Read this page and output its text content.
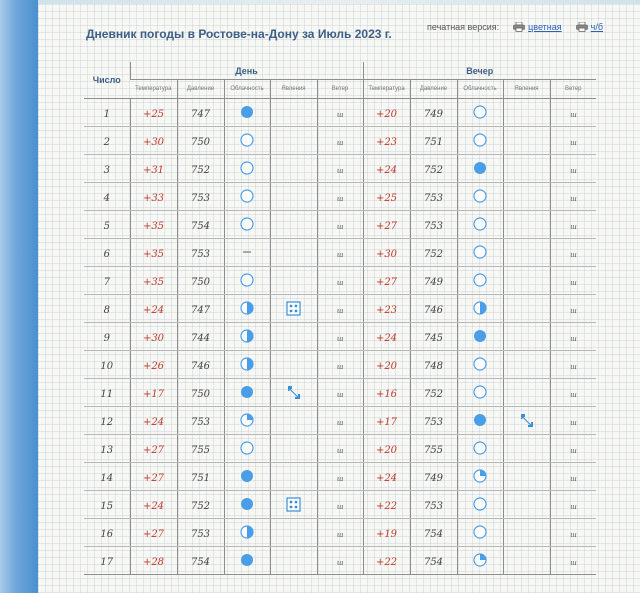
Дневник погоды в Ростове-на-Дону за Июль 2023 г.	печатная версия:	цветная	ч/б
Число	День					Вечер				
	Температура	Давление	Облачность	Явления	Ветер	Температура	Давление	Облачность	Явления	Ветер
1	+25	747			ш	+20	749			ш
2	+30	750			ш	+23	751			ш
3	+31	752			ш	+24	752			ш
4	+33	753			ш	+25	753			ш
5	+35	754			ш	+27	753			ш
6	+35	753			ш	+30	752			ш
7	+35	750			ш	+27	749			ш
8	+24	747			ш	+23	746			ш
9	+30	744			ш	+24	745			ш
10	+26	746			ш	+20	748			ш
11	+17	750			ш	+16	752			ш
12	+24	753			ш	+17	753			ш
13	+27	755			ш	+20	755			ш
14	+27	751			ш	+24	749			ш
15	+24	752			ш	+22	753			ш
16	+27	753			ш	+19	754			ш
17	+28	754			ш	+22	754			ш
